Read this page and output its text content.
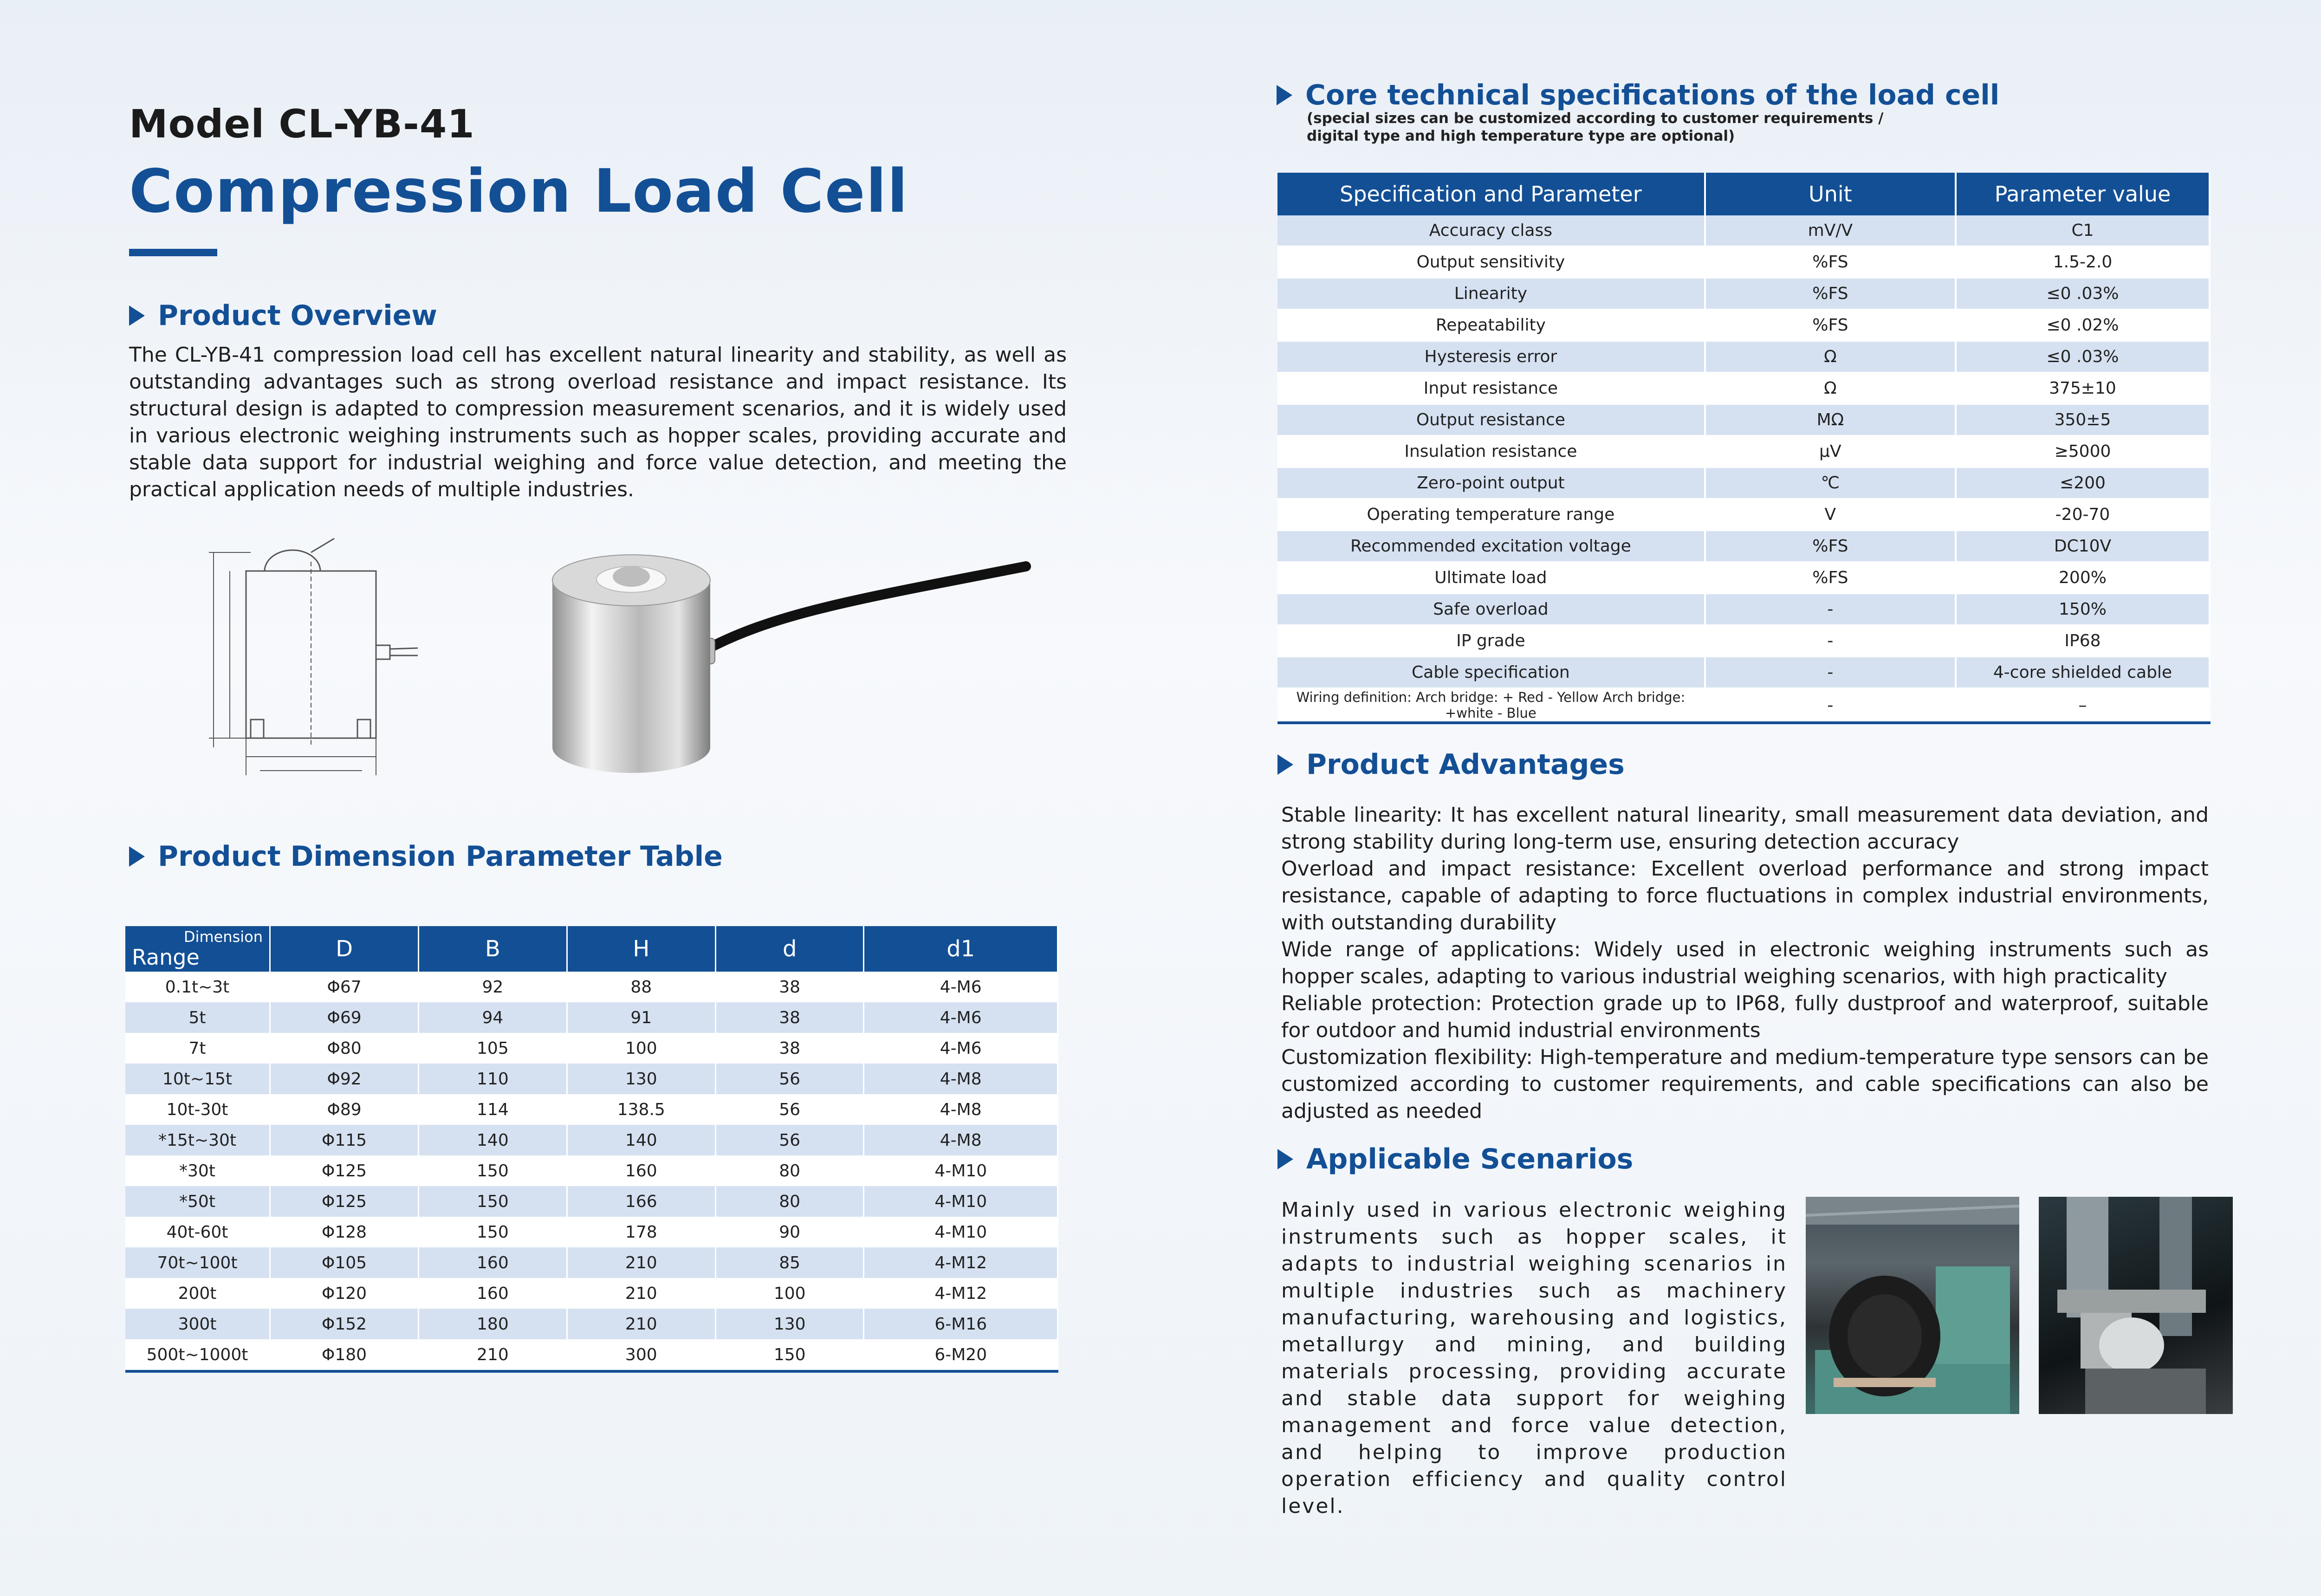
Model CL-YB-41
Compression Load Cell
Product Overview
The CL-YB-41 compression load cell has excellent natural linearity and stability, as well as outstanding advantages such as strong overload resistance and impact resistance. Its structural design is adapted to compression measurement scenarios, and it is widely used in various electronic weighing instruments such as hopper scales, providing accurate and stable data support for industrial weighing and force value detection, and meeting the practical application needs of multiple industries.
Product Dimension Parameter Table
Dimension
Range	D	B	H	d	d1
0.1t~3t	Φ67	92	88	38	4-M6
5t	Φ69	94	91	38	4-M6
7t	Φ80	105	100	38	4-M6
10t~15t	Φ92	110	130	56	4-M8
10t-30t	Φ89	114	138.5	56	4-M8
*15t~30t	Φ115	140	140	56	4-M8
*30t	Φ125	150	160	80	4-M10
*50t	Φ125	150	166	80	4-M10
40t-60t	Φ128	150	178	90	4-M10
70t~100t	Φ105	160	210	85	4-M12
200t	Φ120	160	210	100	4-M12
300t	Φ152	180	210	130	6-M16
500t~1000t	Φ180	210	300	150	6-M20
Core technical specifications of the load cell
(special sizes can be customized according to customer requirements /
digital type and high temperature type are optional)
Specification and Parameter	Unit	Parameter value
Accuracy class	mV/V	C1
Output sensitivity	%FS	1.5-2.0
Linearity	%FS	≤0 .03%
Repeatability	%FS	≤0 .02%
Hysteresis error	Ω	≤0 .03%
Input resistance	Ω	375±10
Output resistance	MΩ	350±5
Insulation resistance	μV	≥5000
Zero-point output	℃	≤200
Operating temperature range	V	-20-70
Recommended excitation voltage	%FS	DC10V
Ultimate load	%FS	200%
Safe overload	-	150%
IP grade	-	IP68
Cable specification	-	4-core shielded cable
Wiring definition: Arch bridge: + Red - Yellow Arch bridge: +white - Blue	-	–
Product Advantages
Stable linearity: It has excellent natural linearity, small measurement data deviation, and strong stability during long-term use, ensuring detection accuracy
Overload and impact resistance: Excellent overload performance and strong impact resistance, capable of adapting to force fluctuations in complex industrial environments, with outstanding durability
Wide range of applications: Widely used in electronic weighing instruments such as hopper scales, adapting to various industrial weighing scenarios, with high practicality
Reliable protection: Protection grade up to IP68, fully dustproof and waterproof, suitable for outdoor and humid industrial environments
Customization flexibility: High-temperature and medium-temperature type sensors can be customized according to customer requirements, and cable specifications can also be adjusted as needed
Applicable Scenarios
Mainly used in various electronic weighing instruments such as hopper scales, it adapts to industrial weighing scenarios in multiple industries such as machinery manufacturing, warehousing and logistics, metallurgy and mining, and building materials processing, providing accurate and stable data support for weighing management and force value detection, and helping to improve production operation efficiency and quality control level.
